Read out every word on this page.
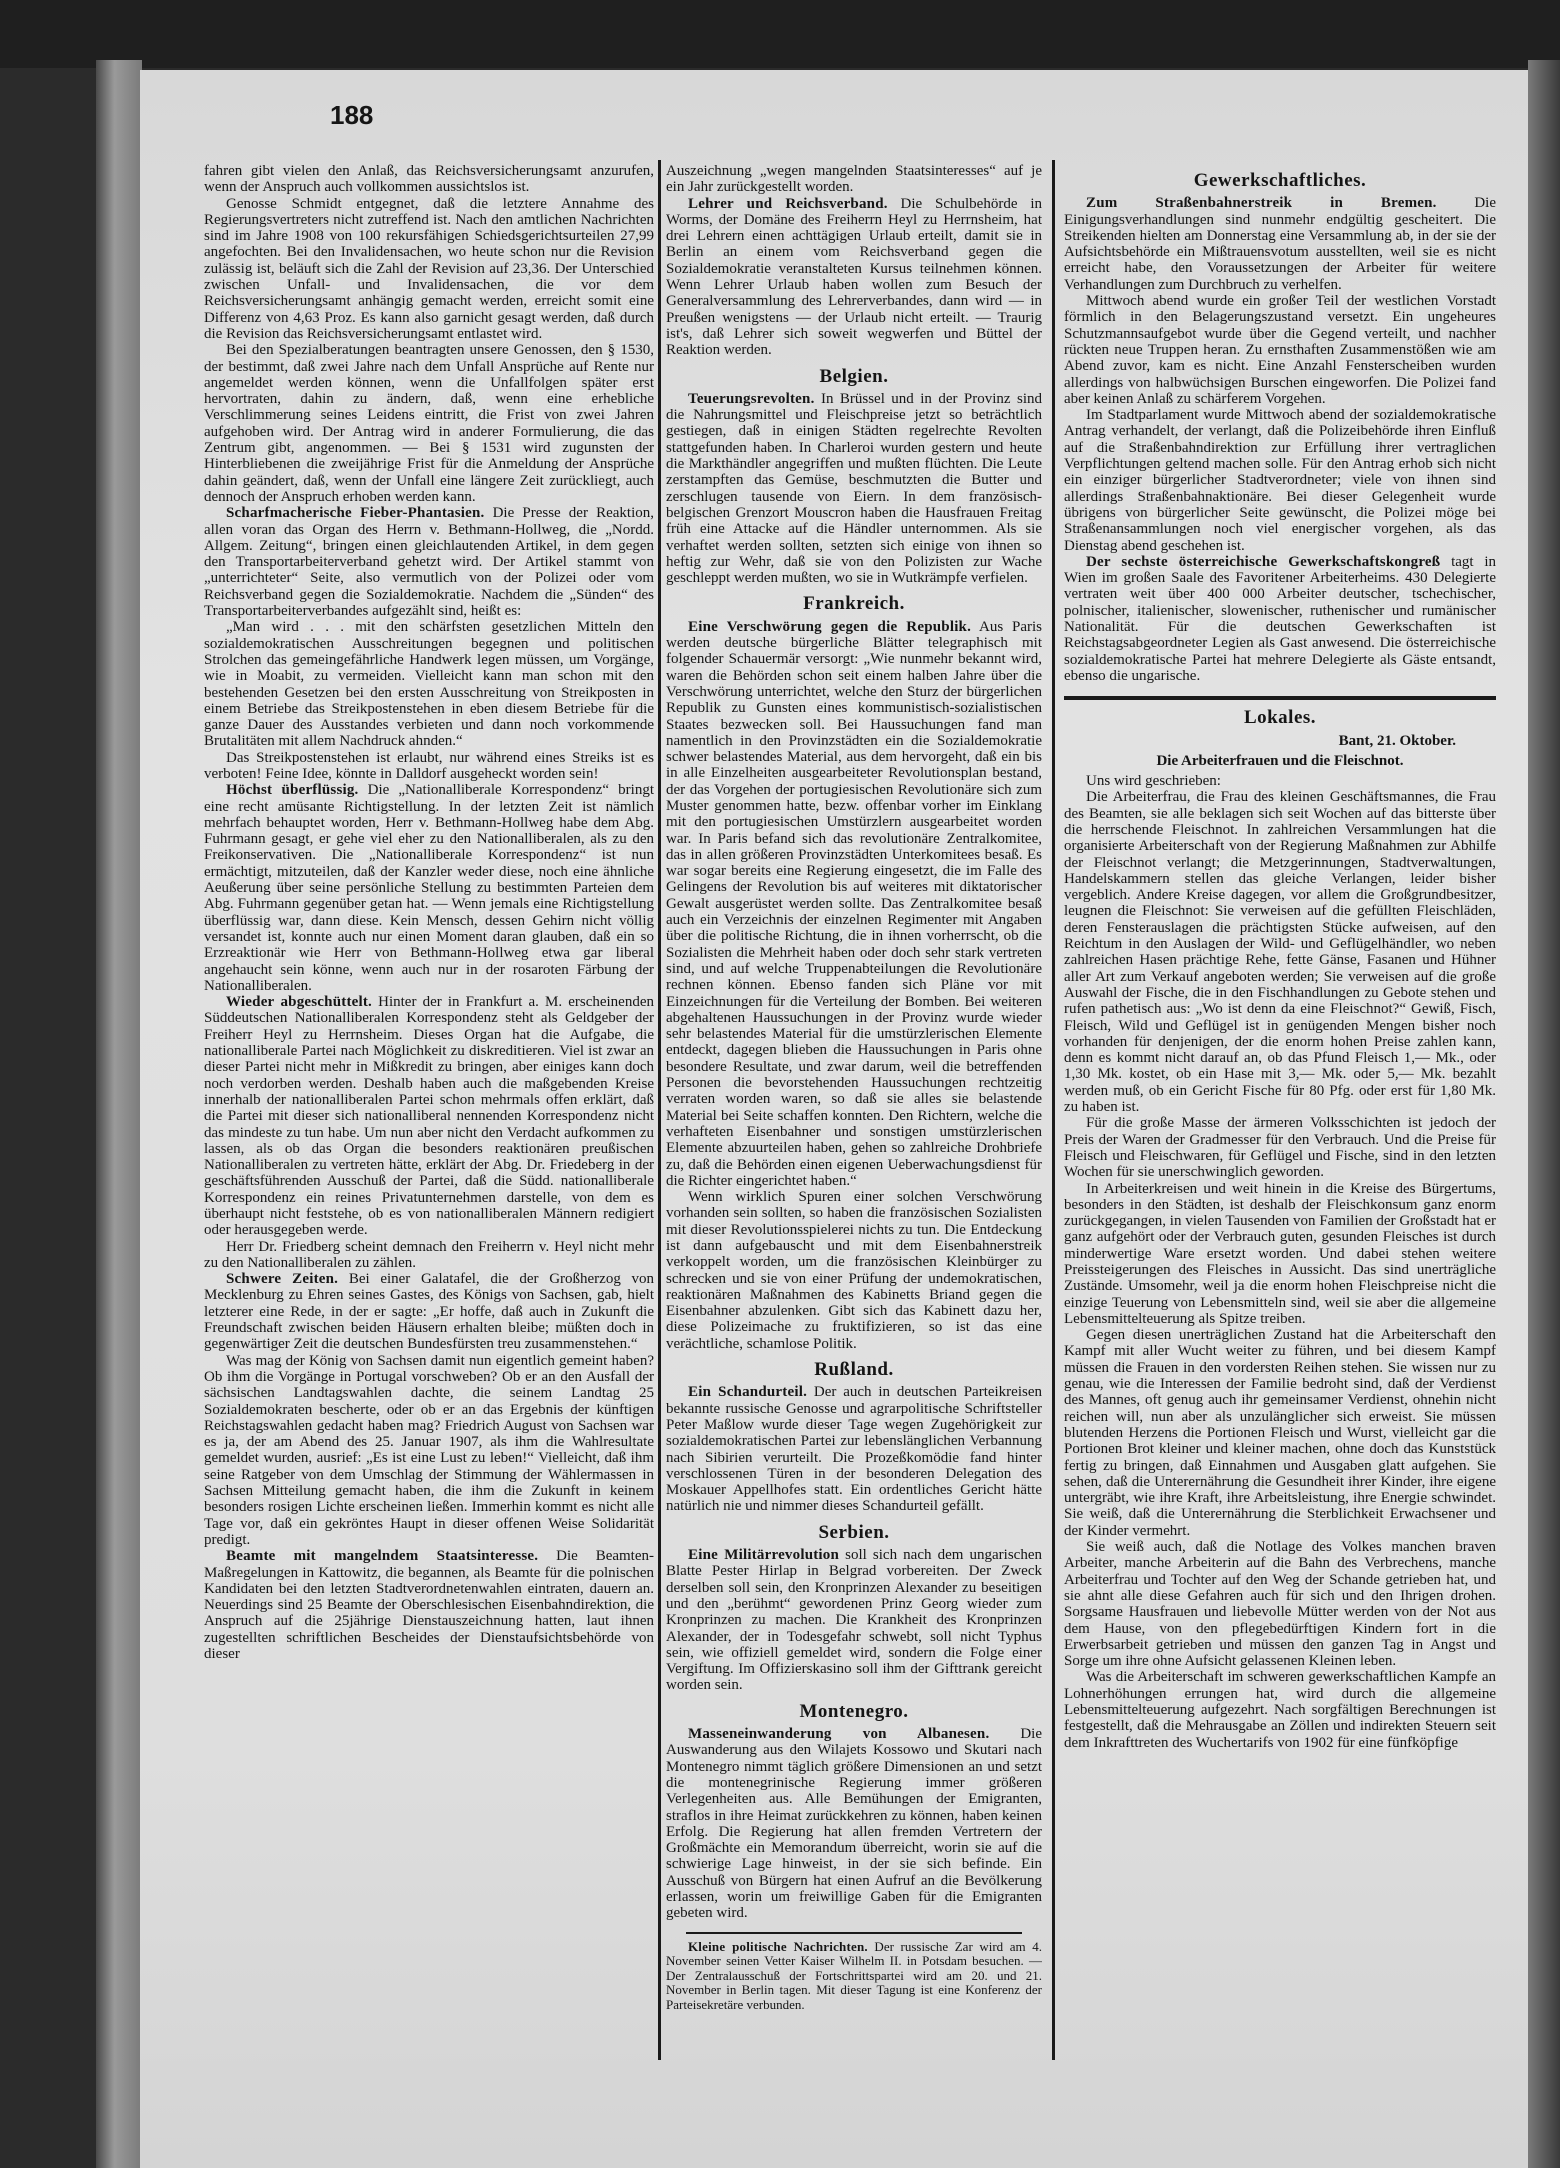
188

fahren gibt vielen den Anlaß, das Reichsversicherungsamt anzurufen, wenn der Anspruch auch vollkommen aussichtslos ist.

Genosse Schmidt entgegnet, daß die letztere Annahme des Regierungsvertreters nicht zutreffend ist. Nach den amtlichen Nachrichten sind im Jahre 1908 von 100 rekursfähigen Schiedsgerichtsurteilen 27,99 angefochten. Bei den Invalidensachen, wo heute schon nur die Revision zulässig ist, beläuft sich die Zahl der Revision auf 23,36. Der Unterschied zwischen Unfall- und Invalidensachen, die vor dem Reichsversicherungsamt anhängig gemacht werden, erreicht somit eine Differenz von 4,63 Proz. Es kann also garnicht gesagt werden, daß durch die Revision das Reichsversicherungsamt entlastet wird.

Bei den Spezialberatungen beantragten unsere Genossen, den § 1530, der bestimmt, daß zwei Jahre nach dem Unfall Ansprüche auf Rente nur angemeldet werden können, wenn die Unfallfolgen später erst hervortraten, dahin zu ändern, daß, wenn eine erhebliche Verschlimmerung seines Leidens eintritt, die Frist von zwei Jahren aufgehoben wird. Der Antrag wird in anderer Formulierung, die das Zentrum gibt, angenommen. — Bei § 1531 wird zugunsten der Hinterbliebenen die zweijährige Frist für die Anmeldung der Ansprüche dahin geändert, daß, wenn der Unfall eine längere Zeit zurückliegt, auch dennoch der Anspruch erhoben werden kann.

Scharfmacherische Fieber-Phantasien. Die Presse der Reaktion, allen voran das Organ des Herrn v. Bethmann-Hollweg, die „Nordd. Allgem. Zeitung“, bringen einen gleichlautenden Artikel, in dem gegen den Transportarbeiterverband gehetzt wird. Der Artikel stammt von „unterrichteter“ Seite, also vermutlich von der Polizei oder vom Reichsverband gegen die Sozialdemokratie. Nachdem die „Sünden“ des Transportarbeiterverbandes aufgezählt sind, heißt es:

„Man wird . . . mit den schärfsten gesetzlichen Mitteln den sozialdemokratischen Ausschreitungen begegnen und politischen Strolchen das gemeingefährliche Handwerk legen müssen, um Vorgänge, wie in Moabit, zu vermeiden. Vielleicht kann man schon mit den bestehenden Gesetzen bei den ersten Ausschreitung von Streikposten in einem Betriebe das Streikpostenstehen in eben diesem Betriebe für die ganze Dauer des Ausstandes verbieten und dann noch vorkommende Brutalitäten mit allem Nachdruck ahnden.“

Das Streikpostenstehen ist erlaubt, nur während eines Streiks ist es verboten! Feine Idee, könnte in Dalldorf ausgeheckt worden sein!

Höchst überflüssig. Die „Nationalliberale Korrespondenz“ bringt eine recht amüsante Richtigstellung. In der letzten Zeit ist nämlich mehrfach behauptet worden, Herr v. Bethmann-Hollweg habe dem Abg. Fuhrmann gesagt, er gehe viel eher zu den Nationalliberalen, als zu den Freikonservativen. Die „Nationalliberale Korrespondenz“ ist nun ermächtigt, mitzuteilen, daß der Kanzler weder diese, noch eine ähnliche Aeußerung über seine persönliche Stellung zu bestimmten Parteien dem Abg. Fuhrmann gegenüber getan hat. — Wenn jemals eine Richtigstellung überflüssig war, dann diese. Kein Mensch, dessen Gehirn nicht völlig versandet ist, konnte auch nur einen Moment daran glauben, daß ein so Erzreaktionär wie Herr von Bethmann-Hollweg etwa gar liberal angehaucht sein könne, wenn auch nur in der rosaroten Färbung der Nationalliberalen.

Wieder abgeschüttelt. Hinter der in Frankfurt a. M. erscheinenden Süddeutschen Nationalliberalen Korrespondenz steht als Geldgeber der Freiherr Heyl zu Herrnsheim. Dieses Organ hat die Aufgabe, die nationalliberale Partei nach Möglichkeit zu diskreditieren. Viel ist zwar an dieser Partei nicht mehr in Mißkredit zu bringen, aber einiges kann doch noch verdorben werden. Deshalb haben auch die maßgebenden Kreise innerhalb der nationalliberalen Partei schon mehrmals offen erklärt, daß die Partei mit dieser sich nationalliberal nennenden Korrespondenz nicht das mindeste zu tun habe. Um nun aber nicht den Verdacht aufkommen zu lassen, als ob das Organ die besonders reaktionären preußischen Nationalliberalen zu vertreten hätte, erklärt der Abg. Dr. Friedeberg in der geschäftsführenden Ausschuß der Partei, daß die Südd. nationalliberale Korrespondenz ein reines Privatunternehmen darstelle, von dem es überhaupt nicht feststehe, ob es von nationalliberalen Männern redigiert oder herausgegeben werde.

Herr Dr. Friedberg scheint demnach den Freiherrn v. Heyl nicht mehr zu den Nationalliberalen zu zählen.

Schwere Zeiten. Bei einer Galatafel, die der Großherzog von Mecklenburg zu Ehren seines Gastes, des Königs von Sachsen, gab, hielt letzterer eine Rede, in der er sagte: „Er hoffe, daß auch in Zukunft die Freundschaft zwischen beiden Häusern erhalten bleibe; müßten doch in gegenwärtiger Zeit die deutschen Bundesfürsten treu zusammenstehen.“

Was mag der König von Sachsen damit nun eigentlich gemeint haben? Ob ihm die Vorgänge in Portugal vorschweben? Ob er an den Ausfall der sächsischen Landtagswahlen dachte, die seinem Landtag 25 Sozialdemokraten bescherte, oder ob er an das Ergebnis der künftigen Reichstagswahlen gedacht haben mag? Friedrich August von Sachsen war es ja, der am Abend des 25. Januar 1907, als ihm die Wahlresultate gemeldet wurden, ausrief: „Es ist eine Lust zu leben!“ Vielleicht, daß ihm seine Ratgeber von dem Umschlag der Stimmung der Wählermassen in Sachsen Mitteilung gemacht haben, die ihm die Zukunft in keinem besonders rosigen Lichte erscheinen ließen. Immerhin kommt es nicht alle Tage vor, daß ein gekröntes Haupt in dieser offenen Weise Solidarität predigt.

Beamte mit mangelndem Staatsinteresse. Die Beamten-Maßregelungen in Kattowitz, die begannen, als Beamte für die polnischen Kandidaten bei den letzten Stadtverordnetenwahlen eintraten, dauern an. Neuerdings sind 25 Beamte der Oberschlesischen Eisenbahndirektion, die Anspruch auf die 25jährige Dienstauszeichnung hatten, laut ihnen zugestellten schriftlichen Bescheides der Dienstaufsichtsbehörde von dieser

Auszeichnung „wegen mangelnden Staatsinteresses“ auf je ein Jahr zurückgestellt worden.

Lehrer und Reichsverband. Die Schulbehörde in Worms, der Domäne des Freiherrn Heyl zu Herrnsheim, hat drei Lehrern einen achttägigen Urlaub erteilt, damit sie in Berlin an einem vom Reichsverband gegen die Sozialdemokratie veranstalteten Kursus teilnehmen können. Wenn Lehrer Urlaub haben wollen zum Besuch der Generalversammlung des Lehrerverbandes, dann wird — in Preußen wenigstens — der Urlaub nicht erteilt. — Traurig ist's, daß Lehrer sich soweit wegwerfen und Büttel der Reaktion werden.

Belgien.

Teuerungsrevolten. In Brüssel und in der Provinz sind die Nahrungsmittel und Fleischpreise jetzt so beträchtlich gestiegen, daß in einigen Städten regelrechte Revolten stattgefunden haben. In Charleroi wurden gestern und heute die Markthändler angegriffen und mußten flüchten. Die Leute zerstampften das Gemüse, beschmutzten die Butter und zerschlugen tausende von Eiern. In dem französisch-belgischen Grenzort Mouscron haben die Hausfrauen Freitag früh eine Attacke auf die Händler unternommen. Als sie verhaftet werden sollten, setzten sich einige von ihnen so heftig zur Wehr, daß sie von den Polizisten zur Wache geschleppt werden mußten, wo sie in Wutkrämpfe verfielen.

Frankreich.

Eine Verschwörung gegen die Republik. Aus Paris werden deutsche bürgerliche Blätter telegraphisch mit folgender Schauermär versorgt: „Wie nunmehr bekannt wird, waren die Behörden schon seit einem halben Jahre über die Verschwörung unterrichtet, welche den Sturz der bürgerlichen Republik zu Gunsten eines kommunistisch-sozialistischen Staates bezwecken soll. Bei Haussuchungen fand man namentlich in den Provinzstädten ein die Sozialdemokratie schwer belastendes Material, aus dem hervorgeht, daß ein bis in alle Einzelheiten ausgearbeiteter Revolutionsplan bestand, der das Vorgehen der portugiesischen Revolutionäre sich zum Muster genommen hatte, bezw. offenbar vorher im Einklang mit den portugiesischen Umstürzlern ausgearbeitet worden war. In Paris befand sich das revolutionäre Zentralkomitee, das in allen größeren Provinzstädten Unterkomitees besaß. Es war sogar bereits eine Regierung eingesetzt, die im Falle des Gelingens der Revolution bis auf weiteres mit diktatorischer Gewalt ausgerüstet werden sollte. Das Zentralkomitee besaß auch ein Verzeichnis der einzelnen Regimenter mit Angaben über die politische Richtung, die in ihnen vorherrscht, ob die Sozialisten die Mehrheit haben oder doch sehr stark vertreten sind, und auf welche Truppenabteilungen die Revolutionäre rechnen können. Ebenso fanden sich Pläne vor mit Einzeichnungen für die Verteilung der Bomben. Bei weiteren abgehaltenen Haussuchungen in der Provinz wurde wieder sehr belastendes Material für die umstürzlerischen Elemente entdeckt, dagegen blieben die Haussuchungen in Paris ohne besondere Resultate, und zwar darum, weil die betreffenden Personen die bevorstehenden Haussuchungen rechtzeitig verraten worden waren, so daß sie alles sie belastende Material bei Seite schaffen konnten. Den Richtern, welche die verhafteten Eisenbahner und sonstigen umstürzlerischen Elemente abzuurteilen haben, gehen so zahlreiche Drohbriefe zu, daß die Behörden einen eigenen Ueberwachungsdienst für die Richter eingerichtet haben.“

Wenn wirklich Spuren einer solchen Verschwörung vorhanden sein sollten, so haben die französischen Sozialisten mit dieser Revolutionsspielerei nichts zu tun. Die Entdeckung ist dann aufgebauscht und mit dem Eisenbahnerstreik verkoppelt worden, um die französischen Kleinbürger zu schrecken und sie von einer Prüfung der undemokratischen, reaktionären Maßnahmen des Kabinetts Briand gegen die Eisenbahner abzulenken. Gibt sich das Kabinett dazu her, diese Polizeimache zu fruktifizieren, so ist das eine verächtliche, schamlose Politik.

Rußland.

Ein Schandurteil. Der auch in deutschen Parteikreisen bekannte russische Genosse und agrarpolitische Schriftsteller Peter Maßlow wurde dieser Tage wegen Zugehörigkeit zur sozialdemokratischen Partei zur lebenslänglichen Verbannung nach Sibirien verurteilt. Die Prozeßkomödie fand hinter verschlossenen Türen in der besonderen Delegation des Moskauer Appellhofes statt. Ein ordentliches Gericht hätte natürlich nie und nimmer dieses Schandurteil gefällt.

Serbien.

Eine Militärrevolution soll sich nach dem ungarischen Blatte Pester Hirlap in Belgrad vorbereiten. Der Zweck derselben soll sein, den Kronprinzen Alexander zu beseitigen und den „berühmt“ gewordenen Prinz Georg wieder zum Kronprinzen zu machen. Die Krankheit des Kronprinzen Alexander, der in Todesgefahr schwebt, soll nicht Typhus sein, wie offiziell gemeldet wird, sondern die Folge einer Vergiftung. Im Offizierskasino soll ihm der Gifttrank gereicht worden sein.

Montenegro.

Masseneinwanderung von Albanesen. Die Auswanderung aus den Wilajets Kossowo und Skutari nach Montenegro nimmt täglich größere Dimensionen an und setzt die montenegrinische Regierung immer größeren Verlegenheiten aus. Alle Bemühungen der Emigranten, straflos in ihre Heimat zurückkehren zu können, haben keinen Erfolg. Die Regierung hat allen fremden Vertretern der Großmächte ein Memorandum überreicht, worin sie auf die schwierige Lage hinweist, in der sie sich befinde. Ein Ausschuß von Bürgern hat einen Aufruf an die Bevölkerung erlassen, worin um freiwillige Gaben für die Emigranten gebeten wird.

Kleine politische Nachrichten. Der russische Zar wird am 4. November seinen Vetter Kaiser Wilhelm II. in Potsdam besuchen. — Der Zentralausschuß der Fortschrittspartei wird am 20. und 21. November in Berlin tagen. Mit dieser Tagung ist eine Konferenz der Parteisekretäre verbunden.

Gewerkschaftliches.

Zum Straßenbahnerstreik in Bremen. Die Einigungsverhandlungen sind nunmehr endgültig gescheitert. Die Streikenden hielten am Donnerstag eine Versammlung ab, in der sie der Aufsichtsbehörde ein Mißtrauensvotum ausstellten, weil sie es nicht erreicht habe, den Voraussetzungen der Arbeiter für weitere Verhandlungen zum Durchbruch zu verhelfen.

Mittwoch abend wurde ein großer Teil der westlichen Vorstadt förmlich in den Belagerungszustand versetzt. Ein ungeheures Schutzmannsaufgebot wurde über die Gegend verteilt, und nachher rückten neue Truppen heran. Zu ernsthaften Zusammenstößen wie am Abend zuvor, kam es nicht. Eine Anzahl Fensterscheiben wurden allerdings von halbwüchsigen Burschen eingeworfen. Die Polizei fand aber keinen Anlaß zu schärferem Vorgehen.

Im Stadtparlament wurde Mittwoch abend der sozialdemokratische Antrag verhandelt, der verlangt, daß die Polizeibehörde ihren Einfluß auf die Straßenbahndirektion zur Erfüllung ihrer vertraglichen Verpflichtungen geltend machen solle. Für den Antrag erhob sich nicht ein einziger bürgerlicher Stadtverordneter; viele von ihnen sind allerdings Straßenbahnaktionäre. Bei dieser Gelegenheit wurde übrigens von bürgerlicher Seite gewünscht, die Polizei möge bei Straßenansammlungen noch viel energischer vorgehen, als das Dienstag abend geschehen ist.

Der sechste österreichische Gewerkschaftskongreß tagt in Wien im großen Saale des Favoritener Arbeiterheims. 430 Delegierte vertraten weit über 400 000 Arbeiter deutscher, tschechischer, polnischer, italienischer, slowenischer, ruthenischer und rumänischer Nationalität. Für die deutschen Gewerkschaften ist Reichstagsabgeordneter Legien als Gast anwesend. Die österreichische sozialdemokratische Partei hat mehrere Delegierte als Gäste entsandt, ebenso die ungarische.

Lokales.
Bant, 21. Oktober.
Die Arbeiterfrauen und die Fleischnot.

Uns wird geschrieben:

Die Arbeiterfrau, die Frau des kleinen Geschäftsmannes, die Frau des Beamten, sie alle beklagen sich seit Wochen auf das bitterste über die herrschende Fleischnot. In zahlreichen Versammlungen hat die organisierte Arbeiterschaft von der Regierung Maßnahmen zur Abhilfe der Fleischnot verlangt; die Metzgerinnungen, Stadtverwaltungen, Handelskammern stellen das gleiche Verlangen, leider bisher vergeblich. Andere Kreise dagegen, vor allem die Großgrundbesitzer, leugnen die Fleischnot: Sie verweisen auf die gefüllten Fleischläden, deren Fensterauslagen die prächtigsten Stücke aufweisen, auf den Reichtum in den Auslagen der Wild- und Geflügelhändler, wo neben zahlreichen Hasen prächtige Rehe, fette Gänse, Fasanen und Hühner aller Art zum Verkauf angeboten werden; Sie verweisen auf die große Auswahl der Fische, die in den Fischhandlungen zu Gebote stehen und rufen pathetisch aus: „Wo ist denn da eine Fleischnot?“ Gewiß, Fisch, Fleisch, Wild und Geflügel ist in genügenden Mengen bisher noch vorhanden für denjenigen, der die enorm hohen Preise zahlen kann, denn es kommt nicht darauf an, ob das Pfund Fleisch 1,— Mk., oder 1,30 Mk. kostet, ob ein Hase mit 3,— Mk. oder 5,— Mk. bezahlt werden muß, ob ein Gericht Fische für 80 Pfg. oder erst für 1,80 Mk. zu haben ist.

Für die große Masse der ärmeren Volksschichten ist jedoch der Preis der Waren der Gradmesser für den Verbrauch. Und die Preise für Fleisch und Fleischwaren, für Geflügel und Fische, sind in den letzten Wochen für sie unerschwinglich geworden.

In Arbeiterkreisen und weit hinein in die Kreise des Bürgertums, besonders in den Städten, ist deshalb der Fleischkonsum ganz enorm zurückgegangen, in vielen Tausenden von Familien der Großstadt hat er ganz aufgehört oder der Verbrauch guten, gesunden Fleisches ist durch minderwertige Ware ersetzt worden. Und dabei stehen weitere Preissteigerungen des Fleisches in Aussicht. Das sind unerträgliche Zustände. Umsomehr, weil ja die enorm hohen Fleischpreise nicht die einzige Teuerung von Lebensmitteln sind, weil sie aber die allgemeine Lebensmittelteuerung als Spitze treiben.

Gegen diesen unerträglichen Zustand hat die Arbeiterschaft den Kampf mit aller Wucht weiter zu führen, und bei diesem Kampf müssen die Frauen in den vordersten Reihen stehen. Sie wissen nur zu genau, wie die Interessen der Familie bedroht sind, daß der Verdienst des Mannes, oft genug auch ihr gemeinsamer Verdienst, ohnehin nicht reichen will, nun aber als unzulänglicher sich erweist. Sie müssen blutenden Herzens die Portionen Fleisch und Wurst, vielleicht gar die Portionen Brot kleiner und kleiner machen, ohne doch das Kunststück fertig zu bringen, daß Einnahmen und Ausgaben glatt aufgehen. Sie sehen, daß die Unterernährung die Gesundheit ihrer Kinder, ihre eigene untergräbt, wie ihre Kraft, ihre Arbeitsleistung, ihre Energie schwindet. Sie weiß, daß die Unterernährung die Sterblichkeit Erwachsener und der Kinder vermehrt.

Sie weiß auch, daß die Notlage des Volkes manchen braven Arbeiter, manche Arbeiterin auf die Bahn des Verbrechens, manche Arbeiterfrau und Tochter auf den Weg der Schande getrieben hat, und sie ahnt alle diese Gefahren auch für sich und den Ihrigen drohen. Sorgsame Hausfrauen und liebevolle Mütter werden von der Not aus dem Hause, von den pflegebedürftigen Kindern fort in die Erwerbsarbeit getrieben und müssen den ganzen Tag in Angst und Sorge um ihre ohne Aufsicht gelassenen Kleinen leben.

Was die Arbeiterschaft im schweren gewerkschaftlichen Kampfe an Lohnerhöhungen errungen hat, wird durch die allgemeine Lebensmittelteuerung aufgezehrt. Nach sorgfältigen Berechnungen ist festgestellt, daß die Mehrausgabe an Zöllen und indirekten Steuern seit dem Inkrafttreten des Wuchertarifs von 1902 für eine fünfköpfige
